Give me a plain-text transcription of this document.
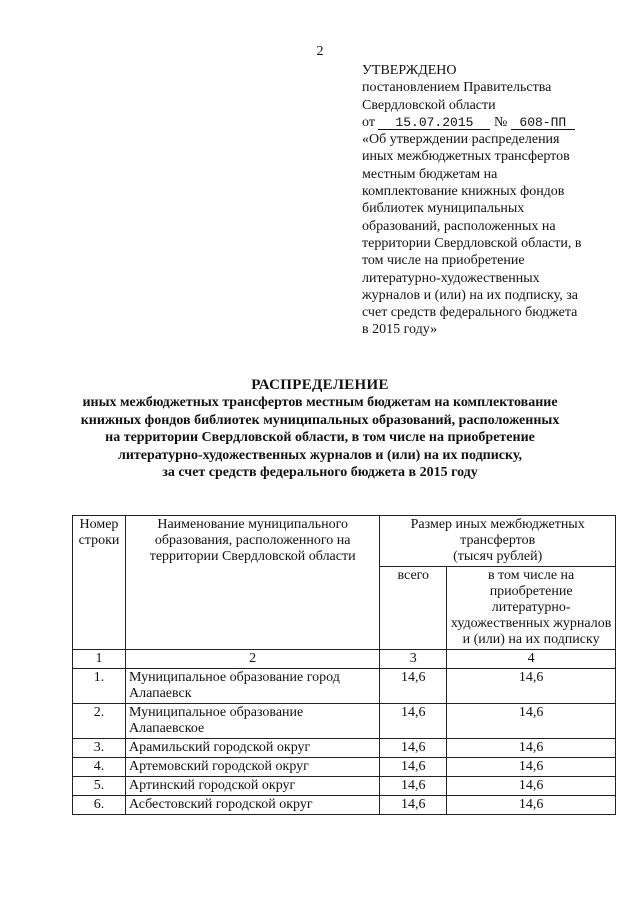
2
УТВЕРЖДЕНО
постановлением Правительства
Свердловской области
от 15.07.2015 № 608-ПП
«Об утверждении распределения
иных межбюджетных трансфертов
местным бюджетам на
комплектование книжных фондов
библиотек муниципальных
образований, расположенных на
территории Свердловской области, в
том числе на приобретение
литературно-художественных
журналов и (или) на их подписку, за
счет средств федерального бюджета
в 2015 году»
РАСПРЕДЕЛЕНИЕ
иных межбюджетных трансфертов местным бюджетам на комплектование
книжных фондов библиотек муниципальных образований, расположенных
на территории Свердловской области, в том числе на приобретение
литературно-художественных журналов и (или) на их подписку,
за счет средств федерального бюджета в 2015 году
Номер строки	Наименование муниципального образования, расположенного на территории Свердловской области	Размер иных межбюджетных трансфертов
(тысяч рублей)	

		всего	в том числе на приобретение литературно-художественных журналов и (или) на их подписку
1	2	3	4
1.	Муниципальное образование город Алапаевск	14,6	14,6
2.	Муниципальное образование Алапаевское	14,6	14,6
3.	Арамильский городской округ	14,6	14,6
4.	Артемовский городской округ	14,6	14,6
5.	Артинский городской округ	14,6	14,6
6.	Асбестовский городской округ	14,6	14,6
